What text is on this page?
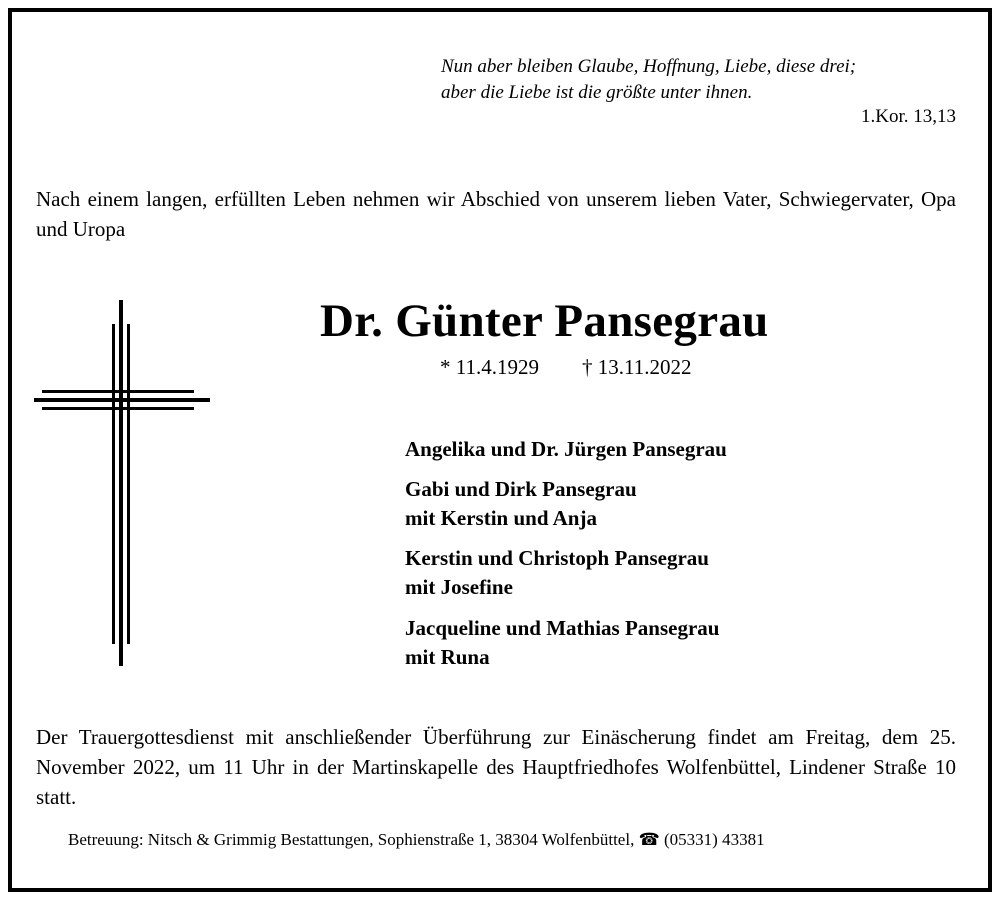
Nun aber bleiben Glaube, Hoffnung, Liebe, diese drei;
aber die Liebe ist die größte unter ihnen.
1.Kor. 13,13
Nach einem langen, erfüllten Leben nehmen wir Abschied von unserem lieben Vater, Schwiegervater, Opa und Uropa
Dr. Günter Pansegrau
* 11.4.1929 † 13.11.2022
Angelika und Dr. Jürgen Pansegrau
Gabi und Dirk Pansegrau
mit Kerstin und Anja
Kerstin und Christoph Pansegrau
mit Josefine
Jacqueline und Mathias Pansegrau
mit Runa
Der Trauergottesdienst mit anschließender Überführung zur Einäscherung findet am Freitag, dem 25. November 2022, um 11 Uhr in der Martinskapelle des Hauptfriedhofes Wolfenbüttel, Lindener Straße 10 statt.
Betreuung: Nitsch & Grimmig Bestattungen, Sophienstraße 1, 38304 Wolfenbüttel, ☎ (05331) 43381
